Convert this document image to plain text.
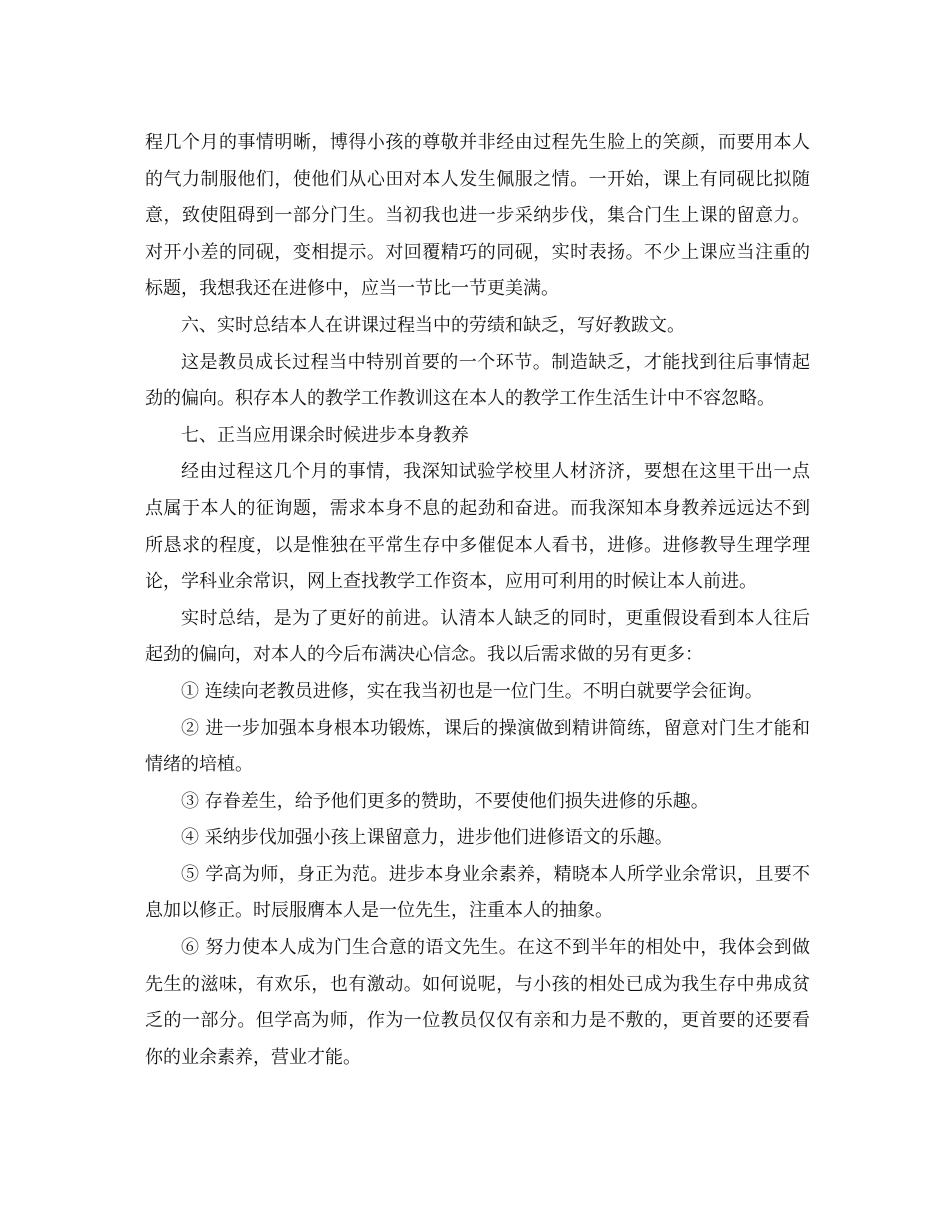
程几个月的事情明晰，博得小孩的尊敬并非经由过程先生脸上的笑颜，而要用本人的气力制服他们，使他们从心田对本人发生佩服之情。一开始，课上有同砚比拟随意，致使阻碍到一部分门生。当初我也进一步采纳步伐，集合门生上课的留意力。对开小差的同砚，变相提示。对回覆精巧的同砚，实时表扬。不少上课应当注重的标题，我想我还在进修中，应当一节比一节更美满。

六、实时总结本人在讲课过程当中的劳绩和缺乏，写好教跋文。

这是教员成长过程当中特别首要的一个环节。制造缺乏，才能找到往后事情起劲的偏向。积存本人的教学工作教训这在本人的教学工作生活生计中不容忽略。

七、正当应用课余时候进步本身教养

经由过程这几个月的事情，我深知试验学校里人材济济，要想在这里干出一点点属于本人的征询题，需求本身不息的起劲和奋进。而我深知本身教养远远达不到所恳求的程度，以是惟独在平常生存中多催促本人看书，进修。进修教导生理学理论，学科业余常识，网上查找教学工作资本，应用可利用的时候让本人前进。

实时总结，是为了更好的前进。认清本人缺乏的同时，更重假设看到本人往后起劲的偏向，对本人的今后布满决心信念。我以后需求做的另有更多：

① 连续向老教员进修，实在我当初也是一位门生。不明白就要学会征询。

② 进一步加强本身根本功锻炼，课后的操演做到精讲简练，留意对门生才能和情绪的培植。

③ 存眷差生，给予他们更多的赞助，不要使他们损失进修的乐趣。

④ 采纳步伐加强小孩上课留意力，进步他们进修语文的乐趣。

⑤ 学高为师，身正为范。进步本身业余素养，精晓本人所学业余常识，且要不息加以修正。时辰服膺本人是一位先生，注重本人的抽象。

⑥ 努力使本人成为门生合意的语文先生。在这不到半年的相处中，我体会到做先生的滋味，有欢乐，也有激动。如何说呢，与小孩的相处已成为我生存中弗成贫乏的一部分。但学高为师，作为一位教员仅仅有亲和力是不敷的，更首要的还要看你的业余素养，营业才能。
